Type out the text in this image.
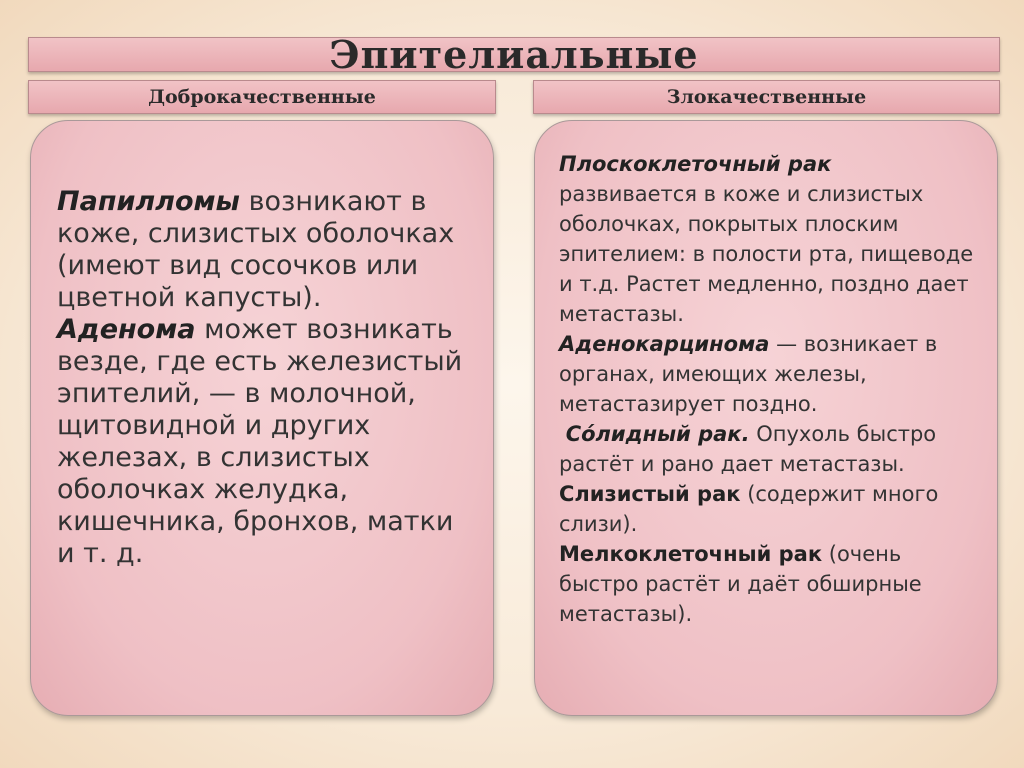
Эпителиальные
Доброкачественные	Злокачественные

Папилломы возникают в коже, слизистых оболочках (имеют вид сосочков или цветной капусты).

Аденома может возникать везде, где есть железистый эпителий, — в молочной, щитовидной и других железах, в слизистых оболочках желудка, кишечника, бронхов, матки и т. д.

Плоскоклеточный рак
развивается в коже и слизистых оболочках, покрытых плоским эпителием: в полости рта, пищеводе и т.д. Растет медленно, поздно дает метастазы.

Аденокарцинома — возникает в органах, имеющих железы, метастазирует поздно.

Со́лидный рак. Опухоль быстро растёт и рано дает метастазы.

Слизистый рак (содержит много слизи).

Мелкоклеточный рак (очень быстро растёт и даёт обширные метастазы).
